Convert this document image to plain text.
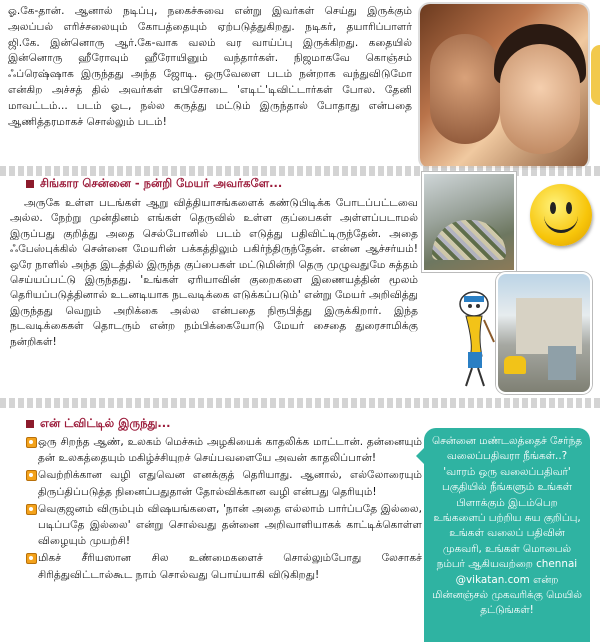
ஓ.கே-தான். ஆனால் நடிப்பு, நகைச்சுவை என்று இவர்கள் செய்து இருக்கும் அலப்பல் எரிச்சலையும் கோபத்தையும் ஏற்படுத்துகிறது. நடிகர், தயாரிப்பாளர் ஜி.கே. இன்னொரு ஆர்.கே-வாக வலம் வர வாய்ப்பு இருக்கிறது. கதையில் இன்னொரு ஹீரோவும் ஹீரோயினும் வந்தார்கள். நிஜமாகவே கொஞ்சம் ஃப்ரெஷ்ஷாக இருந்தது அந்த ஜோடி. ஒருவேளை படம் நன்றாக வந்துவிடுமோ என்கிற அச்சத் தில் அவர்கள் எபிசோடை 'எடிட்'டிவிட்டார்கள் போல. தேனி மாவட்டம்... படம் ஓட, நல்ல கருத்து மட்டும் இருந்தால் போதாது என்பதை ஆணித்தரமாகச் சொல்லும் படம்!
சிங்கார சென்னை - நன்றி மேயர் அவர்களே...
அருகே உள்ள படங்கள் ஆறு வித்தியாசங்களைக் கண்டுபிடிக்க போடப்பட்டவை அல்ல. நேற்று முன்தினம் எங்கள் தெருவில் உள்ள குப்பைகள் அள்ளப்படாமல் இருப்பது குறித்து அதை செல்போனில் படம் எடுத்து பதிவிட்டிருந்தேன். அதை ஃபேஸ்புக்கில் சென்னை மேயரின் பக்கத்திலும் பகிர்ந்திருந்தேன். என்ன ஆச்சர்யம்! ஒரே நாளில் அந்த இடத்தில் இருந்த குப்பைகள் மட்டுமின்றி தெரு முழுவதுமே சுத்தம் செய்யப்பட்டு இருந்தது. 'உங்கள் ஏரியாவின் குறைகளை இணையத்தின் மூலம் தெரியப்படுத்தினால் உடனடியாக நடவடிக்கை எடுக்கப்படும்' என்று மேயர் அறிவித்து இருந்தது வெறும் அறிக்கை அல்ல என்பதை நிரூபித்து இருக்கிறார். இந்த நடவடிக்கைகள் தொடரும் என்ற நம்பிக்கையோடு மேயர் சைதை துரைசாமிக்கு நன்றிகள்!
என் ட்விட்டில் இருந்து...
ஒரு சிறந்த ஆண், உலகம் மெச்சும் அழகியைக் காதலிக்க மாட்டான். தன்னையும் தன் உலகத்தையும் மகிழ்ச்சியுறச் செய்பவளையே அவன் காதலிப்பான்!
வெற்றிக்கான வழி எதுவென எனக்குத் தெரியாது. ஆனால், எல்லோரையும் திருப்திப்படுத்த நினைப்பதுதான் தோல்விக்கான வழி என்பது தெரியும்!
வெகுஜனம் விரும்பும் விஷயங்களை, 'நான் அதை எல்லாம் பார்ப்பதே இல்லை, படிப்பதே இல்லை' என்று சொல்வது தன்னை அறிவாளியாகக் காட்டிக்கொள்ள விழையும் முயற்சி!
மிகச் சீரியஸான சில உண்மைகளைச் சொல்லும்போது லேசாகச் சிரித்துவிட்டால்கூட நாம் சொல்வது பொய்யாகி விடுகிறது!
சென்னை மண்டலத்தைச் சேர்ந்த வலைப்பதிவரா நீங்கள்..? 'வாரம் ஒரு வலைப்பதிவர்' பகுதியில் நீங்களும் உங்கள் பிளாக்கும் இடம்பெற உங்களைப் பற்றிய சுய குறிப்பு, உங்கள் வலைப் பதிவின் முகவரி, உங்கள் மொபைல் நம்பர் ஆகியவற்றை chennai @vikatan.com என்ற மின்னஞ்சல் முகவரிக்கு மெயில் தட்டுங்கள்!
